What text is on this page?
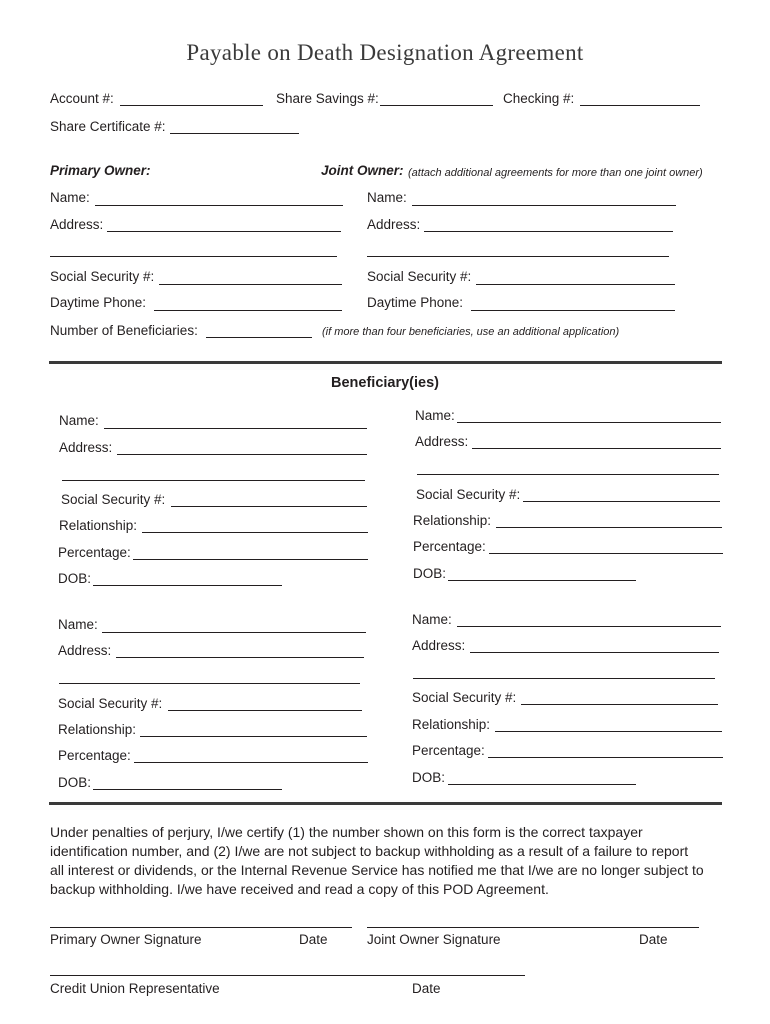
Payable on Death Designation Agreement
Account #:	Share Savings #:	Checking #:
Share Certificate #:
Primary Owner:	Joint Owner: (attach additional agreements for more than one joint owner)
Name:
Address:
Social Security #:
Daytime Phone:
Name:
Address:
Social Security #:
Daytime Phone:
Number of Beneficiaries:	(if more than four beneficiaries, use an additional application)
Beneficiary(ies)
Name:
Address:
Social Security #:
Relationship:
Percentage:
DOB:
Name:
Address:
Social Security #:
Relationship:
Percentage:
DOB:
Name:
Address:
Social Security #:
Relationship:
Percentage:
DOB:
Name:
Address:
Social Security #:
Relationship:
Percentage:
DOB:
Under penalties of perjury, I/we certify (1) the number shown on this form is the correct taxpayer
identification number, and (2) I/we are not subject to backup withholding as a result of a failure to report
all interest or dividends, or the Internal Revenue Service has notified me that I/we are no longer subject to
backup withholding. I/we have received and read a copy of this POD Agreement.
Primary Owner Signature	Date	Joint Owner Signature	Date
Credit Union Representative	Date
